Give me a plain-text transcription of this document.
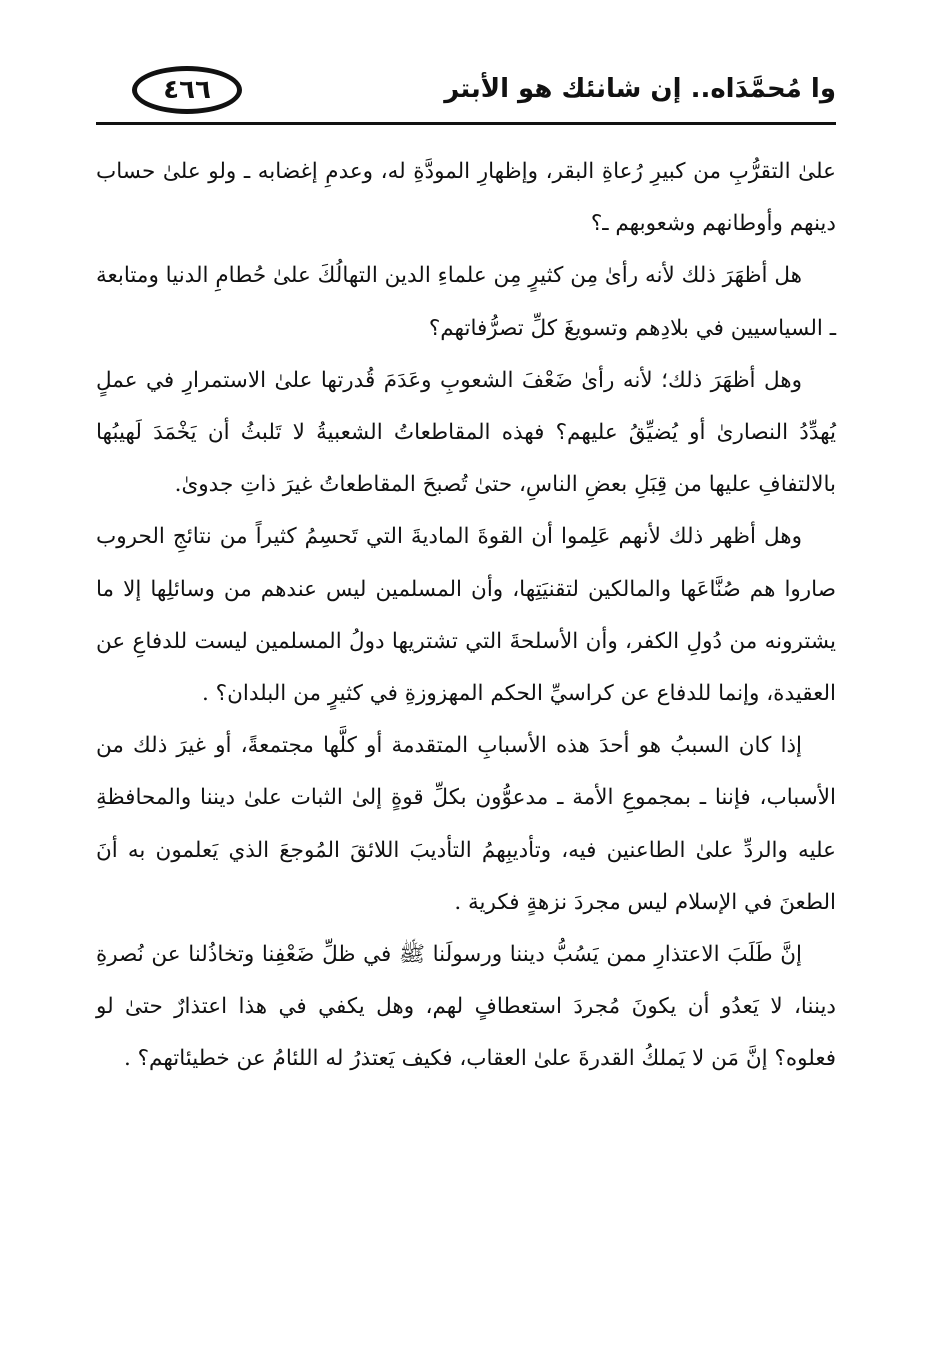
وا مُحمَّدَاه.. إن شانئك هو الأبتر
٤٦٦

علىٰ التقرُّبِ من كبيرِ رُعاةِ البقر، وإظهارِ المودَّةِ له، وعدمِ إغضابه ـ ولو علىٰ حساب دينهم وأوطانهم وشعوبهم ـ؟

هل أظهَرَ ذلك لأنه رأىٰ مِن كثيرٍ مِن علماءِ الدين التهالُكَ علىٰ حُطامِ الدنيا ومتابعة ـ السياسيين في بلادِهم وتسويغَ كلِّ تصرُّفاتهم؟

وهل أظهَرَ ذلك؛ لأنه رأىٰ ضَعْفَ الشعوبِ وعَدَمَ قُدرتها علىٰ الاستمرارِ في عملٍ يُهدِّدُ النصارىٰ أو يُضيِّقُ عليهم؟ فهذه المقاطعاتُ الشعبيةُ لا تَلبثُ أن يَخْمَدَ لَهيبُها بالالتفافِ عليها من قِبَلِ بعضِ الناسِ، حتىٰ تُصبحَ المقاطعاتُ غيرَ ذاتِ جدوىٰ.

وهل أظهر ذلك لأنهم عَلِموا أن القوةَ الماديةَ التي تَحسِمُ كثيراً من نتائجِ الحروب صاروا هم صُنَّاعَها والمالكين لتقنيَتِها، وأن المسلمين ليس عندهم من وسائلِها إلا ما يشترونه من دُولِ الكفر، وأن الأسلحةَ التي تشتريها دولُ المسلمين ليست للدفاعِ عن العقيدة، وإنما للدفاع عن كراسيِّ الحكم المهزوزةِ في كثيرٍ من البلدان؟ .

إذا كان السببُ هو أحدَ هذه الأسبابِ المتقدمة أو كلَّها مجتمعةً، أو غيرَ ذلك من الأسباب، فإننا ـ بمجموعِ الأمة ـ مدعوُّون بكلِّ قوةٍ إلىٰ الثبات علىٰ ديننا والمحافظةِ عليه والردِّ علىٰ الطاعنين فيه، وتأديبِهمُ التأديبَ اللائقَ المُوجعَ الذي يَعلمون به أنَ الطعنَ في الإسلام ليس مجردَ نزهةٍ فكرية .

إنَّ طَلَبَ الاعتذارِ ممن يَسُبُّ ديننا ورسولَنا ﷺ في ظلِّ ضَعْفِنا وتخاذُلنا عن نُصرةِ ديننا، لا يَعدُو أن يكونَ مُجردَ استعطافٍ لهم، وهل يكفي في هذا اعتذارٌ حتىٰ لو فعلوه؟ إنَّ مَن لا يَملكُ القدرةَ علىٰ العقاب، فكيف يَعتذرُ له اللئامُ عن خطيئاتهم؟ .
